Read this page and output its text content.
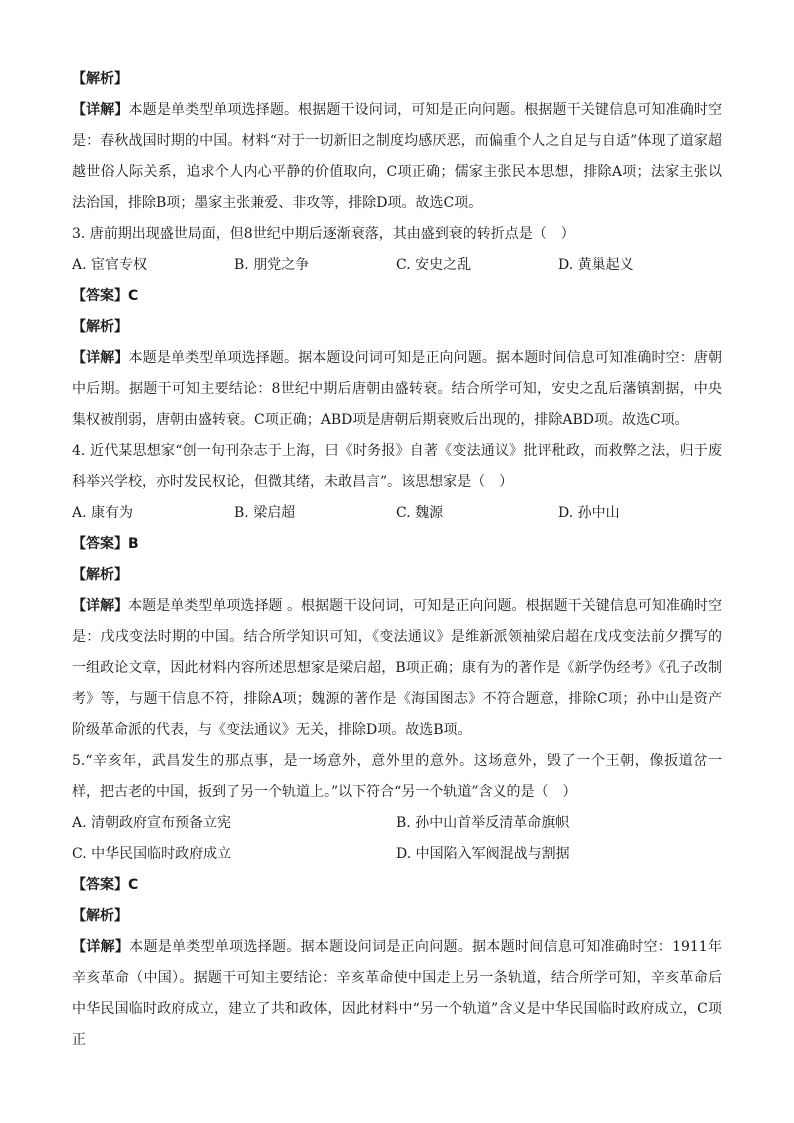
【解析】
【详解】本题是单类型单项选择题。根据题干设问词，可知是正向问题。根据题干关键信息可知准确时空是：春秋战国时期的中国。材料“对于一切新旧之制度均感厌恶，而偏重个人之自足与自适”体现了道家超越世俗人际关系，追求个人内心平静的价值取向，C项正确；儒家主张民本思想，排除A项；法家主张以法治国，排除B项；墨家主张兼爱、非攻等，排除D项。故选C项。
3. 唐前期出现盛世局面，但8世纪中期后逐渐衰落，其由盛到衰的转折点是（　）
A. 宦官专权	B. 朋党之争	C. 安史之乱	D. 黄巢起义
【答案】C
【解析】
【详解】本题是单类型单项选择题。据本题设问词可知是正向问题。据本题时间信息可知准确时空：唐朝中后期。据题干可知主要结论：8世纪中期后唐朝由盛转衰。结合所学可知，安史之乱后藩镇割据，中央集权被削弱，唐朝由盛转衰。C项正确；ABD项是唐朝后期衰败后出现的，排除ABD项。故选C项。
4. 近代某思想家“创一旬刊杂志于上海，曰《时务报》自著《变法通议》批评秕政，而救弊之法，归于废科举兴学校，亦时发民权论，但微其绪，未敢昌言”。该思想家是（　）
A. 康有为	B. 梁启超	C. 魏源	D. 孙中山
【答案】B
【解析】
【详解】本题是单类型单项选择题 。根据题干设问词，可知是正向问题。根据题干关键信息可知准确时空是：戊戌变法时期的中国。结合所学知识可知，《变法通议》是维新派领袖梁启超在戊戌变法前夕撰写的一组政论文章，因此材料内容所述思想家是梁启超，B项正确；康有为的著作是《新学伪经考》《孔子改制考》等，与题干信息不符，排除A项；魏源的著作是《海国图志》不符合题意，排除C项；孙中山是资产阶级革命派的代表，与《变法通议》无关，排除D项。故选B项。
5.“辛亥年，武昌发生的那点事，是一场意外，意外里的意外。这场意外，毁了一个王朝，像扳道岔一样，把古老的中国，扳到了另一个轨道上。”以下符合“另一个轨道”含义的是（　）
A. 清朝政府宣布预备立宪	B. 孙中山首举反清革命旗帜
C. 中华民国临时政府成立	D. 中国陷入军阀混战与割据
【答案】C
【解析】
【详解】本题是单类型单项选择题。据本题设问词是正向问题。据本题时间信息可知准确时空：1911年辛亥革命（中国）。据题干可知主要结论：辛亥革命使中国走上另一条轨道，结合所学可知，辛亥革命后中华民国临时政府成立，建立了共和政体，因此材料中“另一个轨道”含义是中华民国临时政府成立，C项正
